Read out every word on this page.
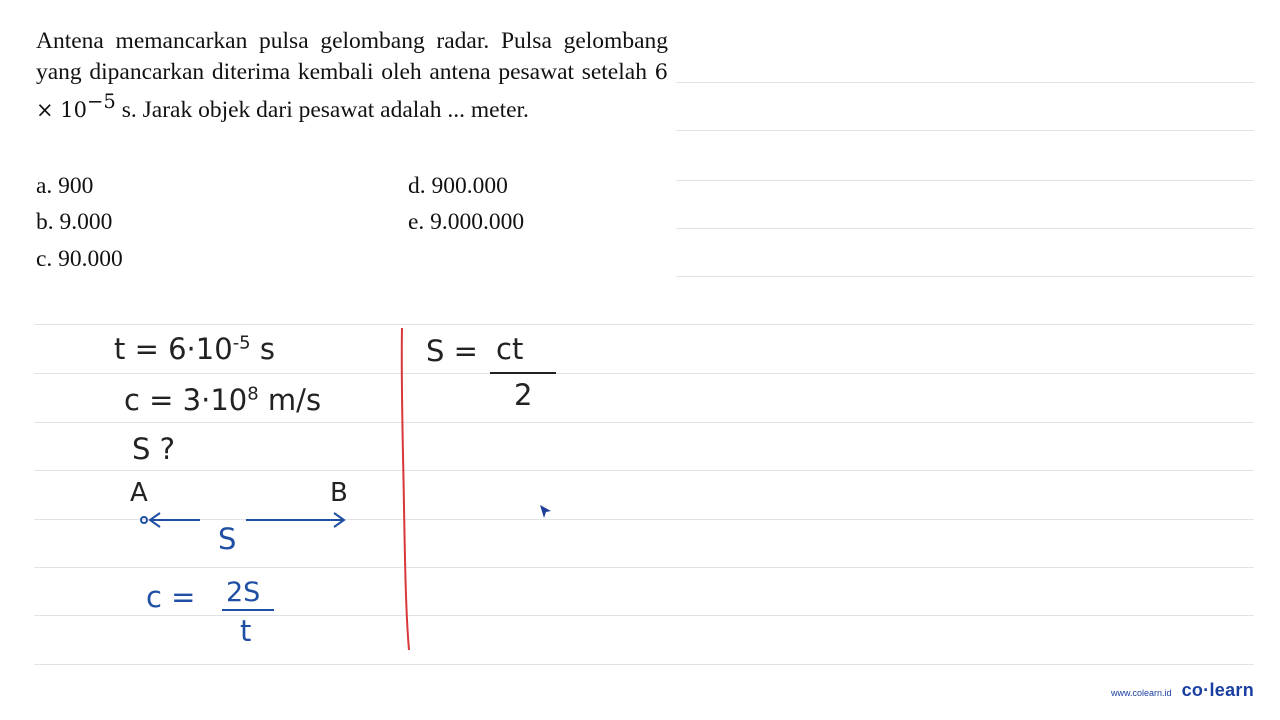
Antena memancarkan pulsa gelombang radar. Pulsa gelombang yang dipancarkan diterima kembali oleh antena pesawat setelah $6 \times 10^{-5}$ s. Jarak objek dari pesawat adalah ... meter.

a. 900
b. 9.000
c. 90.000
d. 900.000
e. 9.000.000
$t = 6\cdot 10^{-5}$ s
$c = 3\cdot 10^8$ m/s
S ?
A	B
S
c = 2S
t
S = ct
2
www.colearn.id co·learn
